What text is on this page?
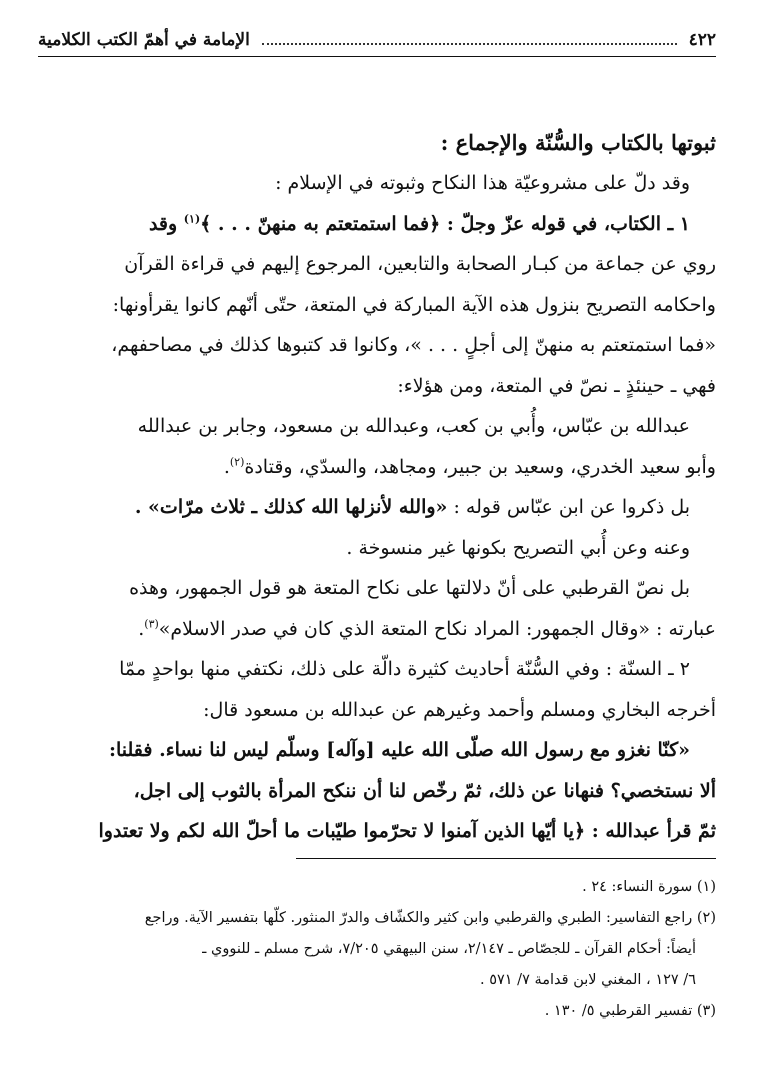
٤٢٢
الإمامة في أهمّ الكتب الكلامية

ثبوتها بالكتاب والسُّنّة والإجماع :

وقد دلّ على مشروعيّة هذا النكاح وثبوته في الإسلام :

١ ـ الكتاب، في قوله عزّ وجلّ : ﴿فما استمتعتم به منهنّ . . . ﴾$^{(١)}$ وقد

روي عن جماعة من كبـار الصحابة والتابعين، المرجوع إليهم في قراءة القرآن

واحكامه التصريح بنزول هذه الآية المباركة في المتعة، حتّى أنّهم كانوا يقرأونها:

«فما استمتعتم به منهنّ إلى أجلٍ . . . »، وكانوا قد كتبوها كذلك في مصاحفهم،

فهي ـ حينئذٍ ـ نصّ في المتعة، ومن هؤلاء:

عبدالله بن عبّاس، وأُبي بن كعب، وعبدالله بن مسعود، وجابر بن عبدالله

وأبو سعيد الخدري، وسعيد بن جبير، ومجاهد، والسدّي، وقتادة$^{(٢)}$.

بل ذكروا عن ابن عبّاس قوله : «والله لأنزلها الله كذلك ـ ثلاث مرّات» .

وعنه وعن أُبي التصريح بكونها غير منسوخة .

بل نصّ القرطبي على أنّ دلالتها على نكاح المتعة هو قول الجمهور، وهذه

عبارته : «وقال الجمهور: المراد نكاح المتعة الذي كان في صدر الاسلام»$^{(٣)}$.

٢ ـ السنّة : وفي السُّنّة أحاديث كثيرة دالّة على ذلك، نكتفي منها بواحدٍ ممّا

أخرجه البخاري ومسلم وأحمد وغيرهم عن عبدالله بن مسعود قال:

«كنّا نغزو مع رسول الله صلّى الله عليه [وآله] وسلّم ليس لنا نساء. فقلنا:

ألا نستخصي؟ فنهانا عن ذلك، ثمّ رخّص لنا أن ننكح المرأة بالثوب إلى اجل،

ثمّ قرأ عبدالله : ﴿يا أيّها الذين آمنوا لا تحرّموا طيّبات ما أحلّ الله لكم ولا تعتدوا

(١) سورة النساء: ٢٤ .

(٢) راجع التفاسير: الطبري والقرطبي وابن كثير والكشّاف والدرّ المنثور. كلّها بتفسير الآية. وراجع

أيضاً: أحكام القرآن ـ للجصّاص ـ ٢/١٤٧، سنن البيهقي ٧/٢٠٥، شرح مسلم ـ للنووي ـ

٦/ ١٢٧ ، المغني لابن قدامة ٧/ ٥٧١ .

(٣) تفسير القرطبي ٥/ ١٣٠ .
